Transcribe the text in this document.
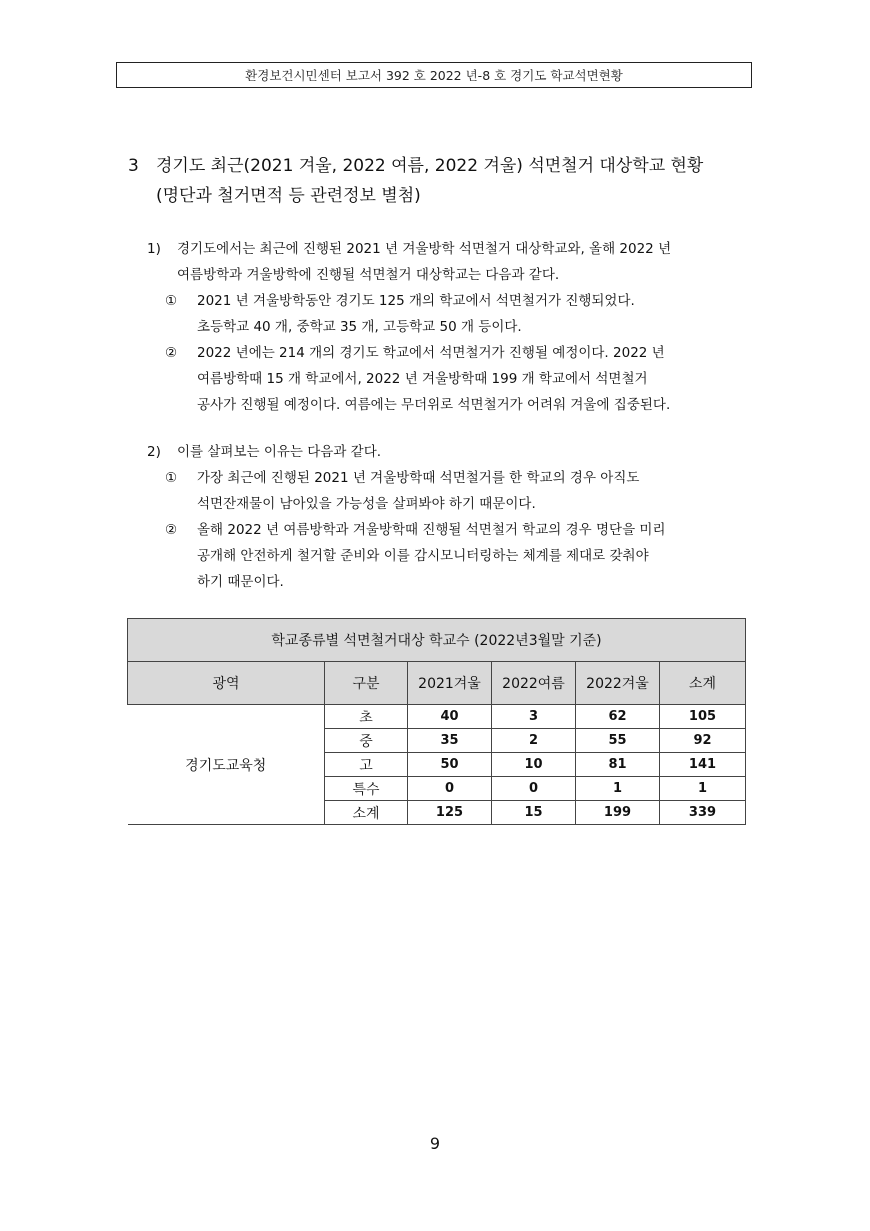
환경보건시민센터 보고서 392 호 2022 년-8 호 경기도 학교석면현황
3 경기도 최근(2021 겨울, 2022 여름, 2022 겨울) 석면철거 대상학교 현황
(명단과 철거면적 등 관련정보 별첨)
1) 경기도에서는 최근에 진행된 2021 년 겨울방학 석면철거 대상학교와, 올해 2022 년
여름방학과 겨울방학에 진행될 석면철거 대상학교는 다음과 같다.
① 2021 년 겨울방학동안 경기도 125 개의 학교에서 석면철거가 진행되었다.
초등학교 40 개, 중학교 35 개, 고등학교 50 개 등이다.
② 2022 년에는 214 개의 경기도 학교에서 석면철거가 진행될 예정이다. 2022 년
여름방학때 15 개 학교에서, 2022 년 겨울방학때 199 개 학교에서 석면철거
공사가 진행될 예정이다. 여름에는 무더위로 석면철거가 어려워 겨울에 집중된다.
2) 이를 살펴보는 이유는 다음과 같다.
① 가장 최근에 진행된 2021 년 겨울방학때 석면철거를 한 학교의 경우 아직도
석면잔재물이 남아있을 가능성을 살펴봐야 하기 때문이다.
② 올해 2022 년 여름방학과 겨울방학때 진행될 석면철거 학교의 경우 명단을 미리
공개해 안전하게 철거할 준비와 이를 감시모니터링하는 체계를 제대로 갖춰야
하기 때문이다.
학교종류별 석면철거대상 학교수 (2022년3월말 기준)					
광역	구분	2021겨울	2022여름	2022겨울	소계
경기도교육청	초	40	3	62	105
	중	35	2	55	92
	고	50	10	81	141
	특수	0	0	1	1
	소계	125	15	199	339
9
